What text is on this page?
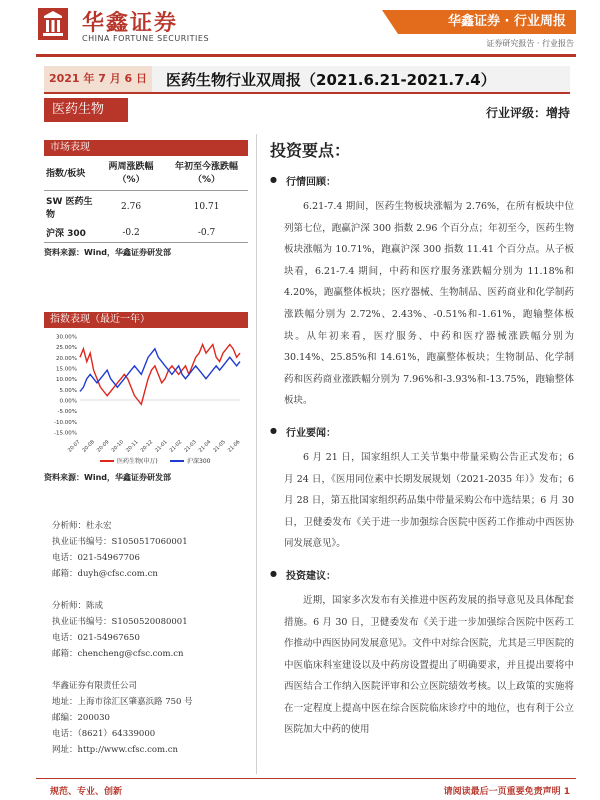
华鑫证券
CHINA FORTUNE SECURITIES
华鑫证券 · 行业周报
证券研究报告 · 行业报告
2021 年 7 月 6 日	医药生物行业双周报（2021.6.21-2021.7.4）
医药生物	行业评级：增持
市场表现
指数/板块	两周涨跌幅（%）	年初至今涨跌幅（%）
SW 医药生物	2.76	10.71
沪深 300	-0.2	-0.7
资料来源：Wind，华鑫证券研发部
指数表现（最近一年）
30.00%
25.00%
20.00%
15.00%
10.00%
5.00%
0.00%
-5.00%
-10.00%
-15.00%
20-07 20-08 20-09 20-10 20-11 20-12 21-01 21-02 21-03 21-04 21-05 21-06
医药生物(申万)	沪深300
资料来源：Wind，华鑫证券研发部
分析师：杜永宏
执业证书编号：S1050517060001
电话：021-54967706
邮箱：duyh@cfsc.com.cn
分析师：陈成
执业证书编号：S1050520080001
电话：021-54967650
邮箱：chencheng@cfsc.com.cn
华鑫证券有限责任公司
地址：上海市徐汇区肇嘉浜路 750 号
邮编：200030
电话：（8621）64339000
网址：http://www.cfsc.com.cn
投资要点：
● 行情回顾：
6.21-7.4 期间，医药生物板块涨幅为 2.76%，在所有板块中位列第七位，跑赢沪深 300 指数 2.96 个百分点；年初至今，医药生物板块涨幅为 10.71%，跑赢沪深 300 指数 11.41 个百分点。从子板块看，6.21-7.4 期间，中药和医疗服务涨跌幅分别为 11.18%和 4.20%，跑赢整体板块；医疗器械、生物制品、医药商业和化学制药涨跌幅分别为 2.72%、2.43%、-0.51%和-1.61%，跑输整体板块。从年初来看，医疗服务、中药和医疗器械涨跌幅分别为 30.14%、25.85%和 14.61%，跑赢整体板块；生物制品、化学制药和医药商业涨跌幅分别为 7.96%和-3.93%和-13.75%，跑输整体板块。
● 行业要闻：
6 月 21 日，国家组织人工关节集中带量采购公告正式发布；6 月 24 日，《医用同位素中长期发展规划（2021-2035 年）》发布；6 月 28 日，第五批国家组织药品集中带量采购公布中选结果；6 月 30 日，卫健委发布《关于进一步加强综合医院中医药工作推动中西医协同发展意见》。
● 投资建议：
近期，国家多次发布有关推进中医药发展的指导意见及具体配套措施。6 月 30 日，卫健委发布《关于进一步加强综合医院中医药工作推动中西医协同发展意见》。文件中对综合医院，尤其是三甲医院的中医临床科室建设以及中药房设置提出了明确要求，并且提出要将中西医结合工作纳入医院评审和公立医院绩效考核。以上政策的实施将在一定程度上提高中医在综合医院临床诊疗中的地位，也有利于公立医院加大中药的使用
规范、专业、创新	请阅读最后一页重要免责声明 1
